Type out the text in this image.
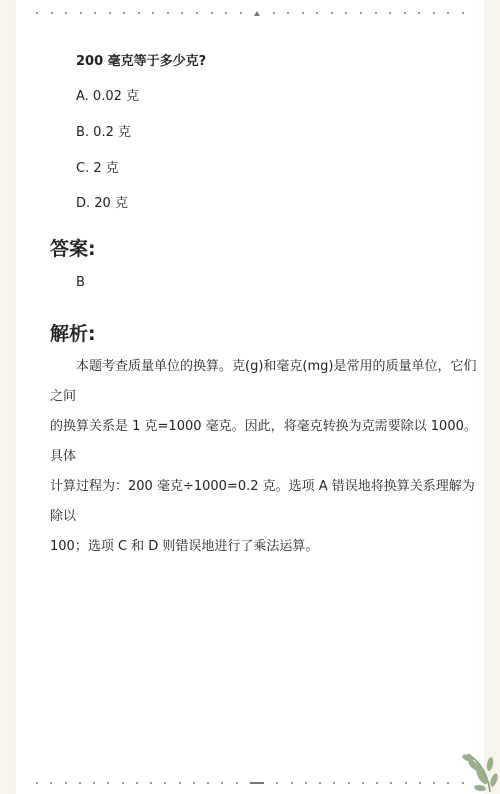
200 毫克等于多少克?
A. 0.02 克
B. 0.2 克
C. 2 克
D. 20 克
答案:
B
解析:
本题考查质量单位的换算。克(g)和毫克(mg)是常用的质量单位，它们之间
的换算关系是 1 克=1000 毫克。因此，将毫克转换为克需要除以 1000。具体
计算过程为：200 毫克÷1000=0.2 克。选项 A 错误地将换算关系理解为除以
100；选项 C 和 D 则错误地进行了乘法运算。
